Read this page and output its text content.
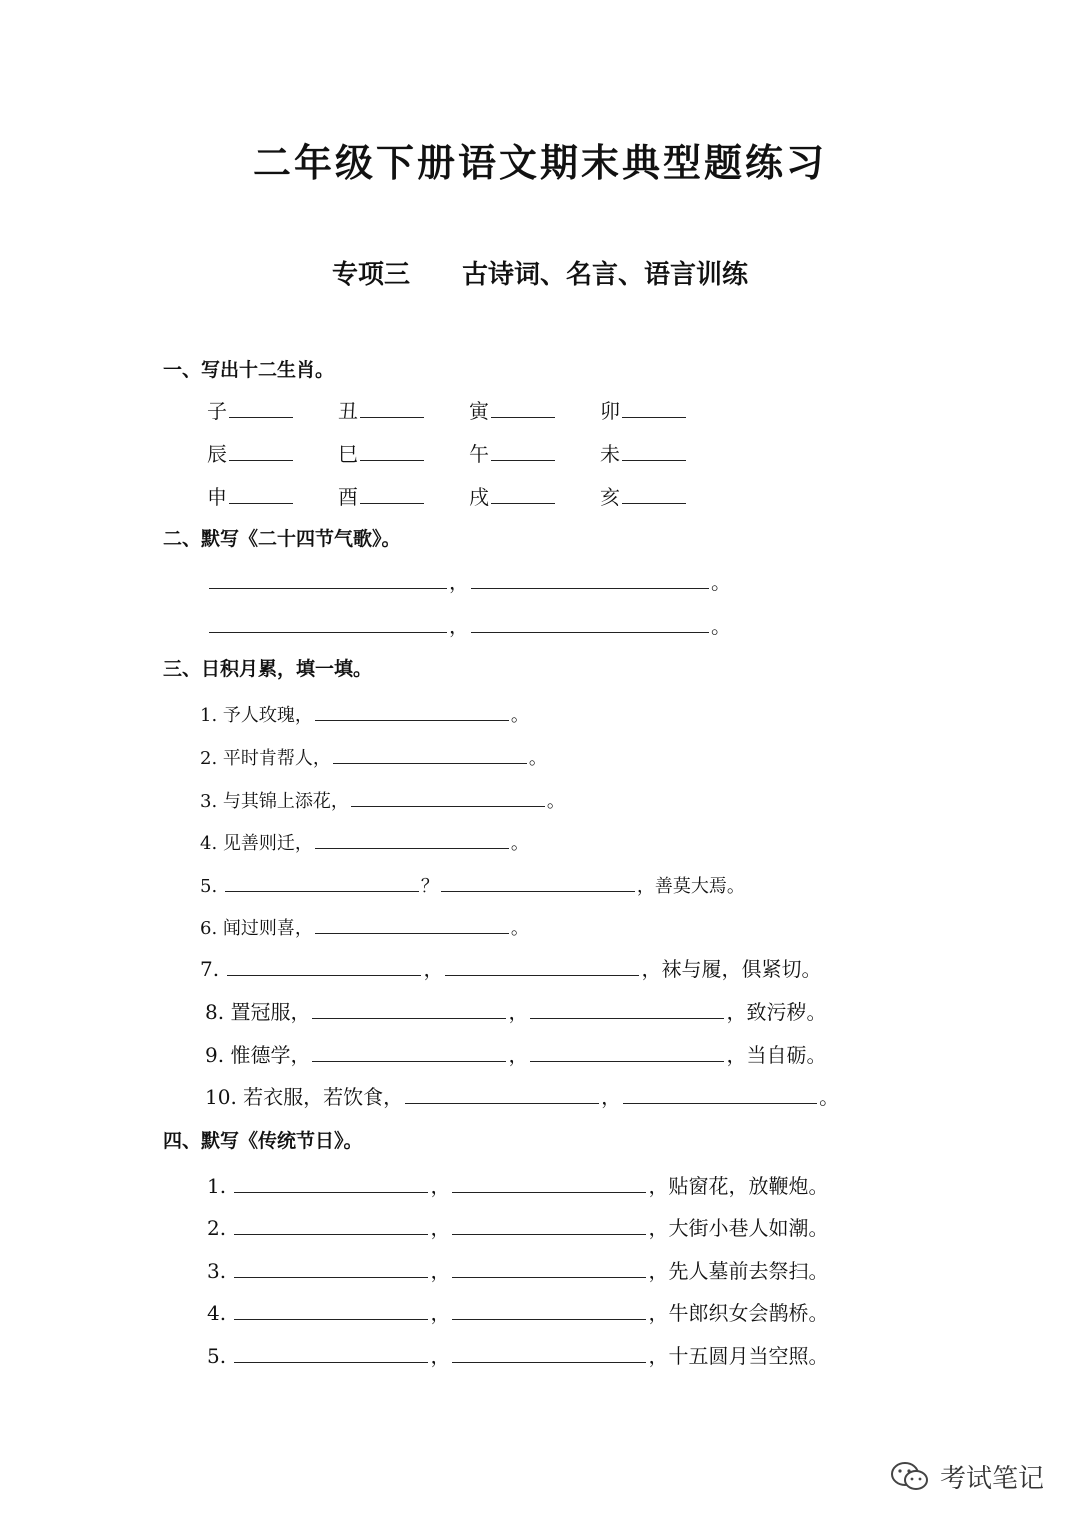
二年级下册语文期末典型题练习
专项三　　古诗词、名言、语言训练
一、写出十二生肖。
子	丑	寅	卯
辰	巳	午	未
申	酉	戌	亥
二、默写《二十四节气歌》。
，	。
，	。
三、日积月累，填一填。
1. 予人玫瑰，	。
2. 平时肯帮人，	。
3. 与其锦上添花，	。
4. 见善则迁，	。
5.	？	，善莫大焉。
6. 闻过则喜，	。
7.	，	，袜与履，俱紧切。
8. 置冠服，	，	，致污秽。
9. 惟德学，	，	，当自砺。
10. 若衣服，若饮食，	，	。
四、默写《传统节日》。
1.	，	，贴窗花，放鞭炮。
2.	，	，大街小巷人如潮。
3.	，	，先人墓前去祭扫。
4.	，	，牛郎织女会鹊桥。
5.	，	，十五圆月当空照。
考试笔记
